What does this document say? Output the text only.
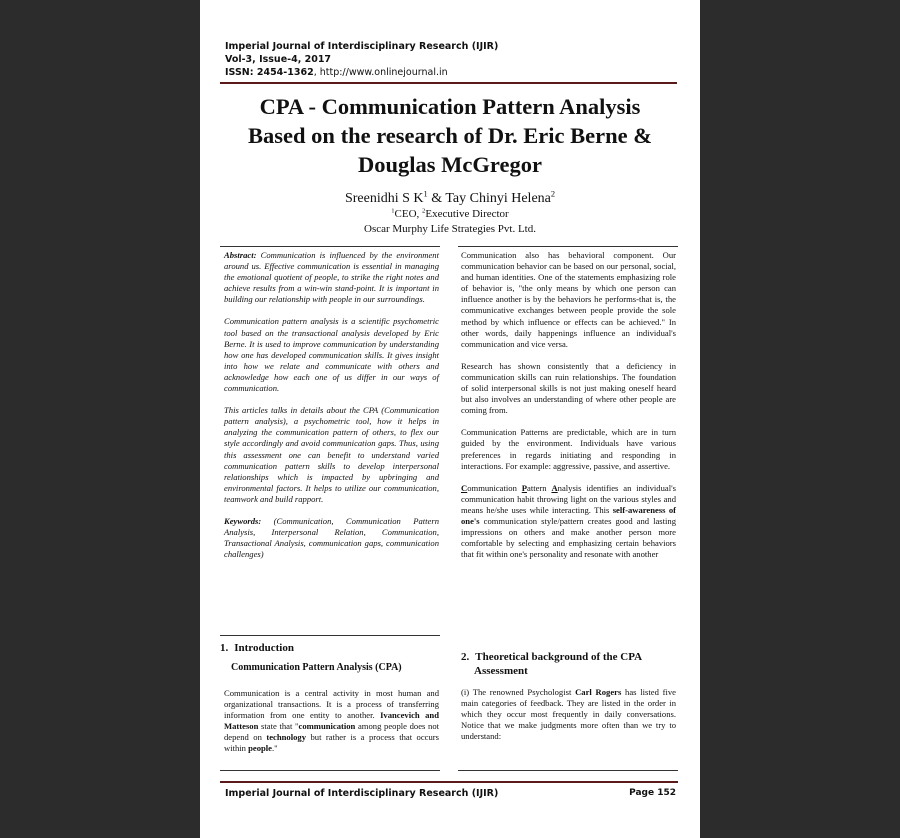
Imperial Journal of Interdisciplinary Research (IJIR)
Vol-3, Issue-4, 2017
ISSN: 2454-1362, http://www.onlinejournal.in
CPA - Communication Pattern Analysis
Based on the research of Dr. Eric Berne &
Douglas McGregor
Sreenidhi S $K^1$ & Tay Chinyi Helena$^2$
$^1$CEO, $^2$Executive Director
Oscar Murphy Life Strategies Pvt. Ltd.

Abstract: Communication is influenced by the environment around us. Effective communication is essential in managing the emotional quotient of people, to strike the right notes and achieve results from a win-win stand-point. It is important in building our relationship with people in our surroundings.

Communication pattern analysis is a scientific psychometric tool based on the transactional analysis developed by Eric Berne. It is used to improve communication by understanding how one has developed communication skills. It gives insight into how we relate and communicate with others and acknowledge how each one of us differ in our ways of communication.

This articles talks in details about the CPA (Communication pattern analysis), a psychometric tool, how it helps in analyzing the communication pattern of others, to flex our style accordingly and avoid communication gaps. Thus, using this assessment one can benefit to understand varied communication pattern skills to develop interpersonal relationships which is impacted by upbringing and environmental factors. It helps to utilize our communication, teamwork and build rapport.

Keywords: (Communication, Communication Pattern Analysis, Interpersonal Relation, Communication, Transactional Analysis, communication gaps, communication challenges)

1. Introduction
Communication Pattern Analysis (CPA)
Communication is a central activity in most human and organizational transactions. It is a process of transferring information from one entity to another. Ivancevich and Matteson state that "communication among people does not depend on technology but rather is a process that occurs within people."

Communication also has behavioral component. Our communication behavior can be based on our personal, social, and human identities. One of the statements emphasizing role of behavior is, "the only means by which one person can influence another is by the behaviors he performs-that is, the communicative exchanges between people provide the sole method by which influence or effects can be achieved." In other words, daily happenings influence an individual's communication and vice versa.

Research has shown consistently that a deficiency in communication skills can ruin relationships. The foundation of solid interpersonal skills is not just making oneself heard but also involves an understanding of where other people are coming from.

Communication Patterns are predictable, which are in turn guided by the environment. Individuals have various preferences in regards initiating and responding in interactions. For example: aggressive, passive, and assertive.

Communication Pattern Analysis identifies an individual's communication habit throwing light on the various styles and means he/she uses while interacting. This self-awareness of one's communication style/pattern creates good and lasting impressions on others and make another person more comfortable by selecting and emphasizing certain behaviors that fit within one's personality and resonate with another

2. Theoretical background of the CPA
Assessment
(i) The renowned Psychologist Carl Rogers has listed five main categories of feedback. They are listed in the order in which they occur most frequently in daily conversations. Notice that we make judgments more often than we try to understand:
Imperial Journal of Interdisciplinary Research (IJIR)	Page 152
